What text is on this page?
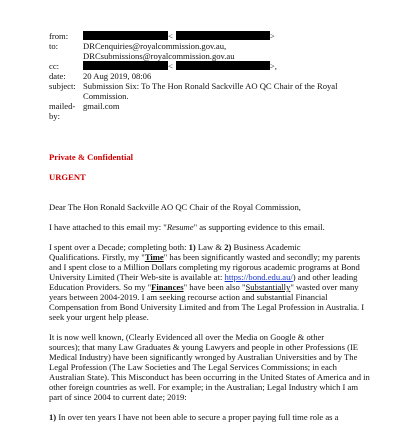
from:	<	>
to:	DRCenquiries@royalcommission.gov.au,
DRCsubmissions@royalcommission.gov.au
cc:	<	>,
date:	20 Aug 2019, 08:06
subject: Submission Six: To The Hon Ronald Sackville AO QC Chair of the Royal
Commission.
mailed-
by:
gmail.com
Private & Confidential
URGENT
Dear The Hon Ronald Sackville AO QC Chair of the Royal Commission,
I have attached to this email my: "Resume" as supporting evidence to this email.
I spent over a Decade; completing both: 1) Law & 2) Business Academic
Qualifications. Firstly, my "Time" has been significantly wasted and secondly; my parents
and I spent close to a Million Dollars completing my rigorous academic programs at Bond
University Limited (Their Web-site is available at: https://bond.edu.au/) and other leading
Education Providers. So my "Finances" have been also "Substantially" wasted over many
years between 2004-2019. I am seeking recourse action and substantial Financial
Compensation from Bond University Limited and from The Legal Profession in Australia. I
seek your urgent help please.
It is now well known, (Clearly Evidenced all over the Media on Google & other
sources); that many Law Graduates & young Lawyers and people in other Professions (IE
Medical Industry) have been significantly wronged by Australian Universities and by The
Legal Profession (The Law Societies and The Legal Services Commissions; in each
Australian State). This Misconduct has been occurring in the United States of America and in
other foreign countries as well. For example; in the Australian; Legal Industry which I am
part of since 2004 to current date; 2019:
1) In over ten years I have not been able to secure a proper paying full time role as a
